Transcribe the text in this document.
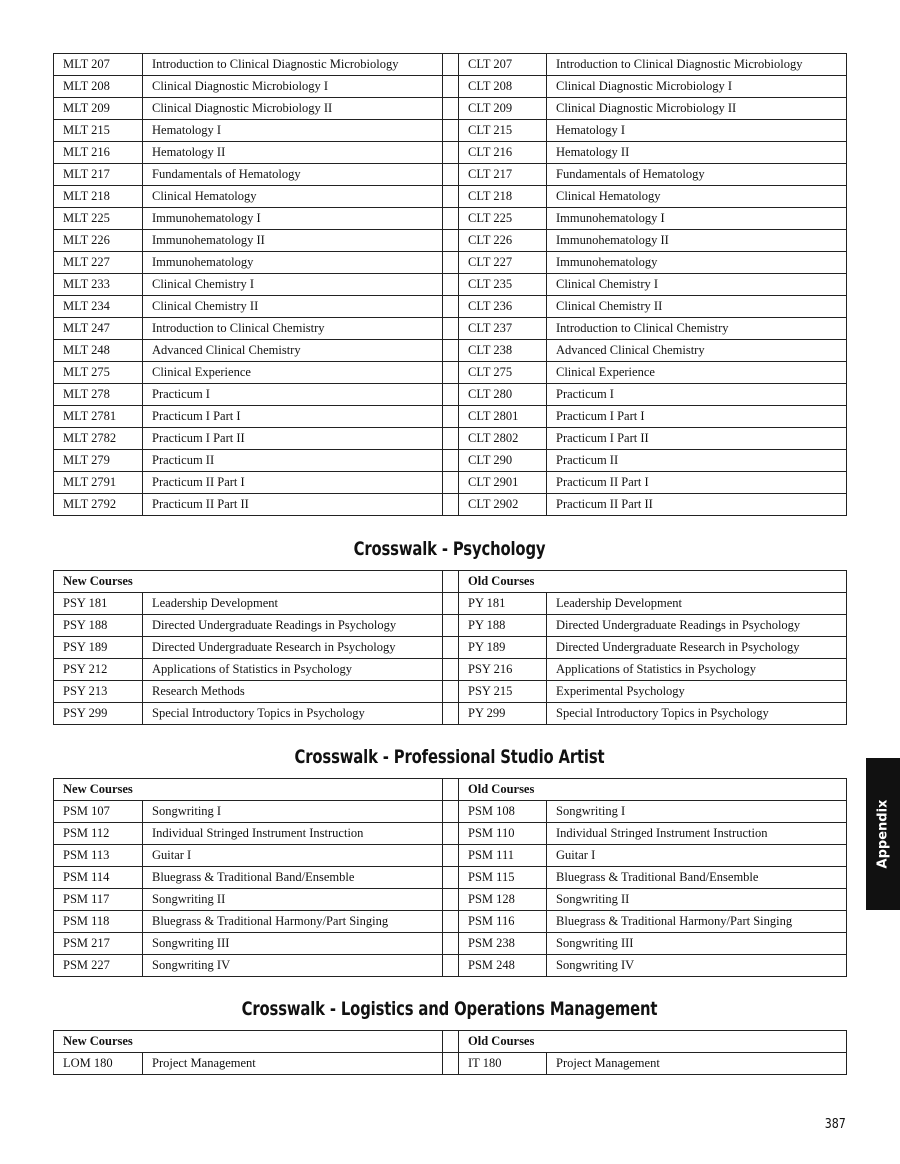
MLT 207	Introduction to Clinical Diagnostic Microbiology		CLT 207	Introduction to Clinical Diagnostic Microbiology
MLT 208	Clinical Diagnostic Microbiology I		CLT 208	Clinical Diagnostic Microbiology I
MLT 209	Clinical Diagnostic Microbiology II		CLT 209	Clinical Diagnostic Microbiology II
MLT 215	Hematology I		CLT 215	Hematology I
MLT 216	Hematology II		CLT 216	Hematology II
MLT 217	Fundamentals of Hematology		CLT 217	Fundamentals of Hematology
MLT 218	Clinical Hematology		CLT 218	Clinical Hematology
MLT 225	Immunohematology I		CLT 225	Immunohematology I
MLT 226	Immunohematology II		CLT 226	Immunohematology II
MLT 227	Immunohematology		CLT 227	Immunohematology
MLT 233	Clinical Chemistry I		CLT 235	Clinical Chemistry I
MLT 234	Clinical Chemistry II		CLT 236	Clinical Chemistry II
MLT 247	Introduction to Clinical Chemistry		CLT 237	Introduction to Clinical Chemistry
MLT 248	Advanced Clinical Chemistry		CLT 238	Advanced Clinical Chemistry
MLT 275	Clinical Experience		CLT 275	Clinical Experience
MLT 278	Practicum I		CLT 280	Practicum I
MLT 2781	Practicum I Part I		CLT 2801	Practicum I Part I
MLT 2782	Practicum I Part II		CLT 2802	Practicum I Part II
MLT 279	Practicum II		CLT 290	Practicum II
MLT 2791	Practicum II Part I		CLT 2901	Practicum II Part I
MLT 2792	Practicum II Part II		CLT 2902	Practicum II Part II
Crosswalk - Psychology
New Courses			Old Courses	
PSY 181	Leadership Development		PY 181	Leadership Development
PSY 188	Directed Undergraduate Readings in Psychology		PY 188	Directed Undergraduate Readings in Psychology
PSY 189	Directed Undergraduate Research in Psychology		PY 189	Directed Undergraduate Research in Psychology
PSY 212	Applications of Statistics in Psychology		PSY 216	Applications of Statistics in Psychology
PSY 213	Research Methods		PSY 215	Experimental Psychology
PSY 299	Special Introductory Topics in Psychology		PY 299	Special Introductory Topics in Psychology
Crosswalk - Professional Studio Artist
New Courses			Old Courses	
PSM 107	Songwriting I		PSM 108	Songwriting I
PSM 112	Individual Stringed Instrument Instruction		PSM 110	Individual Stringed Instrument Instruction
PSM 113	Guitar I		PSM 111	Guitar I
PSM 114	Bluegrass & Traditional Band/Ensemble		PSM 115	Bluegrass & Traditional Band/Ensemble
PSM 117	Songwriting II		PSM 128	Songwriting II
PSM 118	Bluegrass & Traditional Harmony/Part Singing		PSM 116	Bluegrass & Traditional Harmony/Part Singing
PSM 217	Songwriting III		PSM 238	Songwriting III
PSM 227	Songwriting IV		PSM 248	Songwriting IV
Crosswalk - Logistics and Operations Management
New Courses			Old Courses	
LOM 180	Project Management		IT 180	Project Management
Appendix
387
